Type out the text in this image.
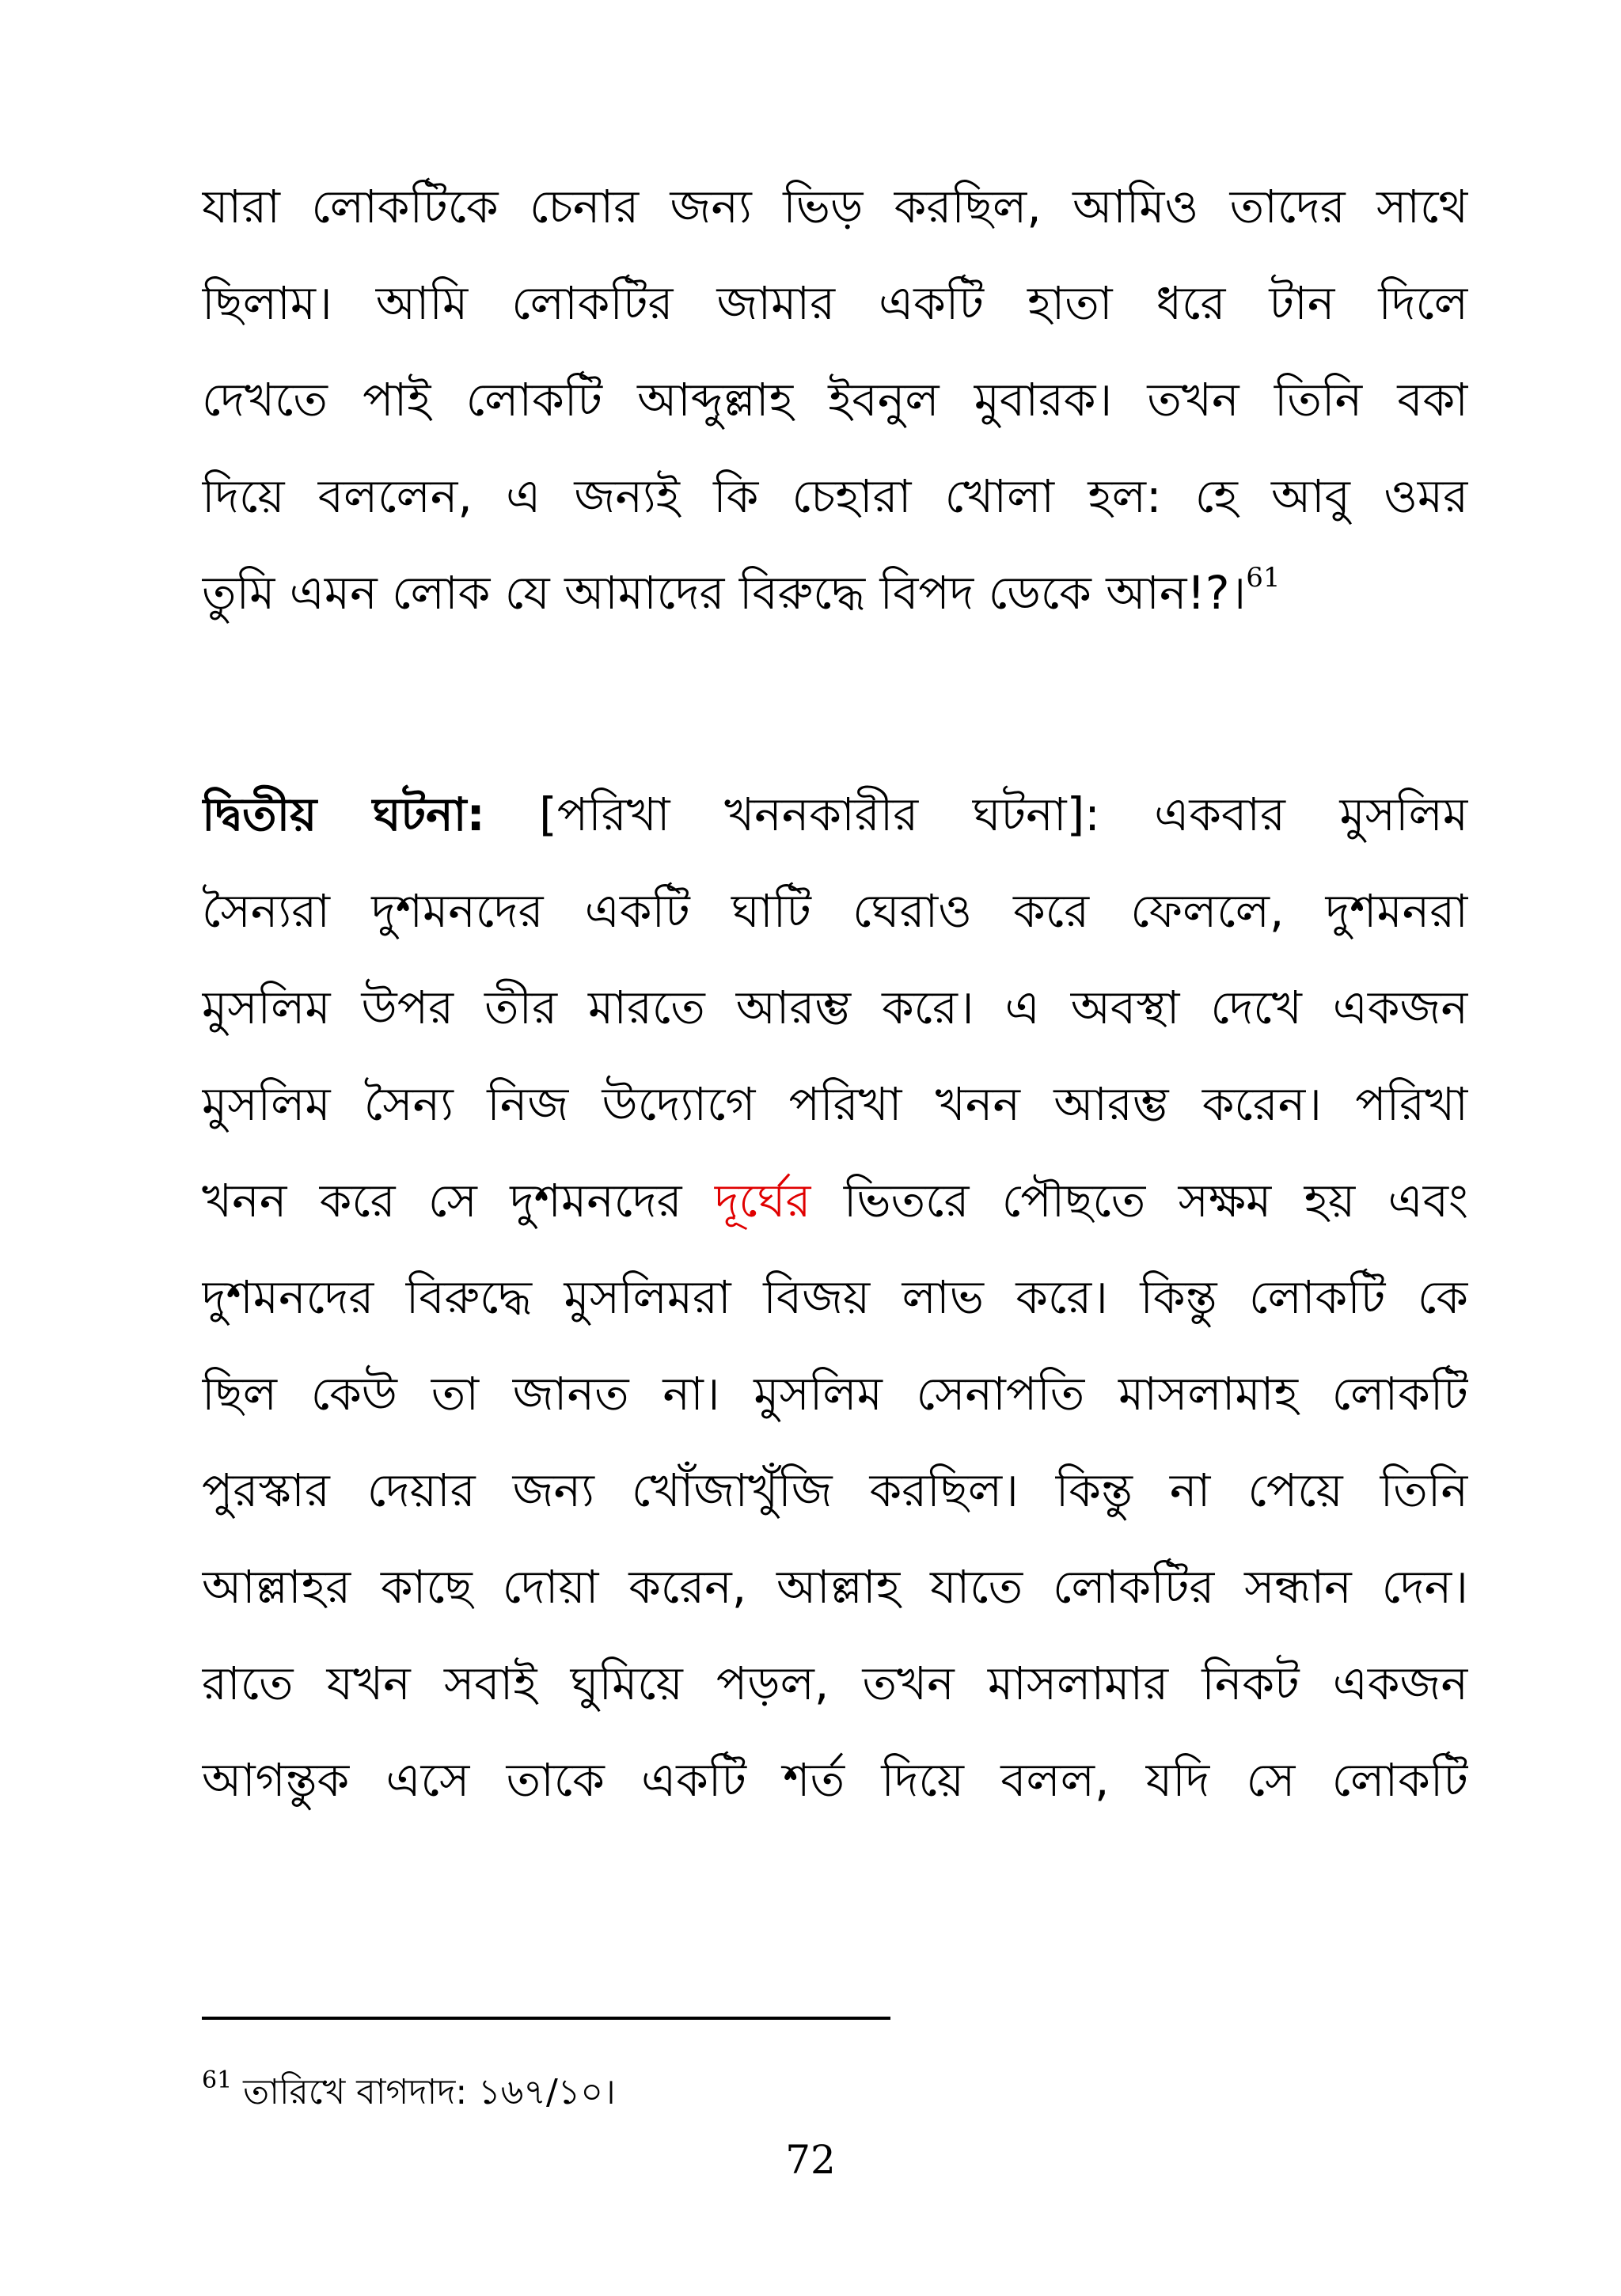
যারা লোকটিকে চেনার জন্য ভিড় করছিল, আমিও তাদের সাথে
ছিলাম। আমি লোকটির জামার একটি হাতা ধরে টান দিলে
দেখতে পাই লোকটি আব্দুল্লাহ ইবনুল মুবারক। তখন তিনি বকা
দিয়ে বললেন, এ জন্যই কি চেহারা খোলা হল: হে আবু ওমর
তুমি এমন লোক যে আমাদের বিরুদ্ধে বিপদ ডেকে আন!?।$^{61}$
দ্বিতীয় ঘটনা: [পরিখা খননকারীর ঘটনা]: একবার মুসলিম
সৈন্যরা দুশমনদের একটি ঘাটি ঘেরাও করে ফেললে, দুশমনরা
মুসলিম উপর তীর মারতে আরম্ভ করে। এ অবস্থা দেখে একজন
মুসলিম সৈন্য নিজ উদ্যোগে পরিখা খনন আরম্ভ করেন। পরিখা
খনন করে সে দুশমনদের দূর্ঘের ভিতরে পৌছতে সক্ষম হয় এবং
দুশমনদের বিরুদ্ধে মুসলিমরা বিজয় লাভ করে। কিন্তু লোকটি কে
ছিল কেউ তা জানত না। মুসলিম সেনাপতি মাসলামাহ লোকটি
পুরস্কার দেয়ার জন্য খোঁজাখুঁজি করছিল। কিন্তু না পেয়ে তিনি
আল্লাহর কাছে দোয়া করেন, আল্লাহ যাতে লোকটির সন্ধান দেন।
রাতে যখন সবাই ঘুমিয়ে পড়ল, তখন মাসলামার নিকট একজন
আগন্তুক এসে তাকে একটি শর্ত দিয়ে বলল, যদি সে লোকটি
$^{61}$ তারিখে বাগদাদ: ১৬৭/১০।
72
